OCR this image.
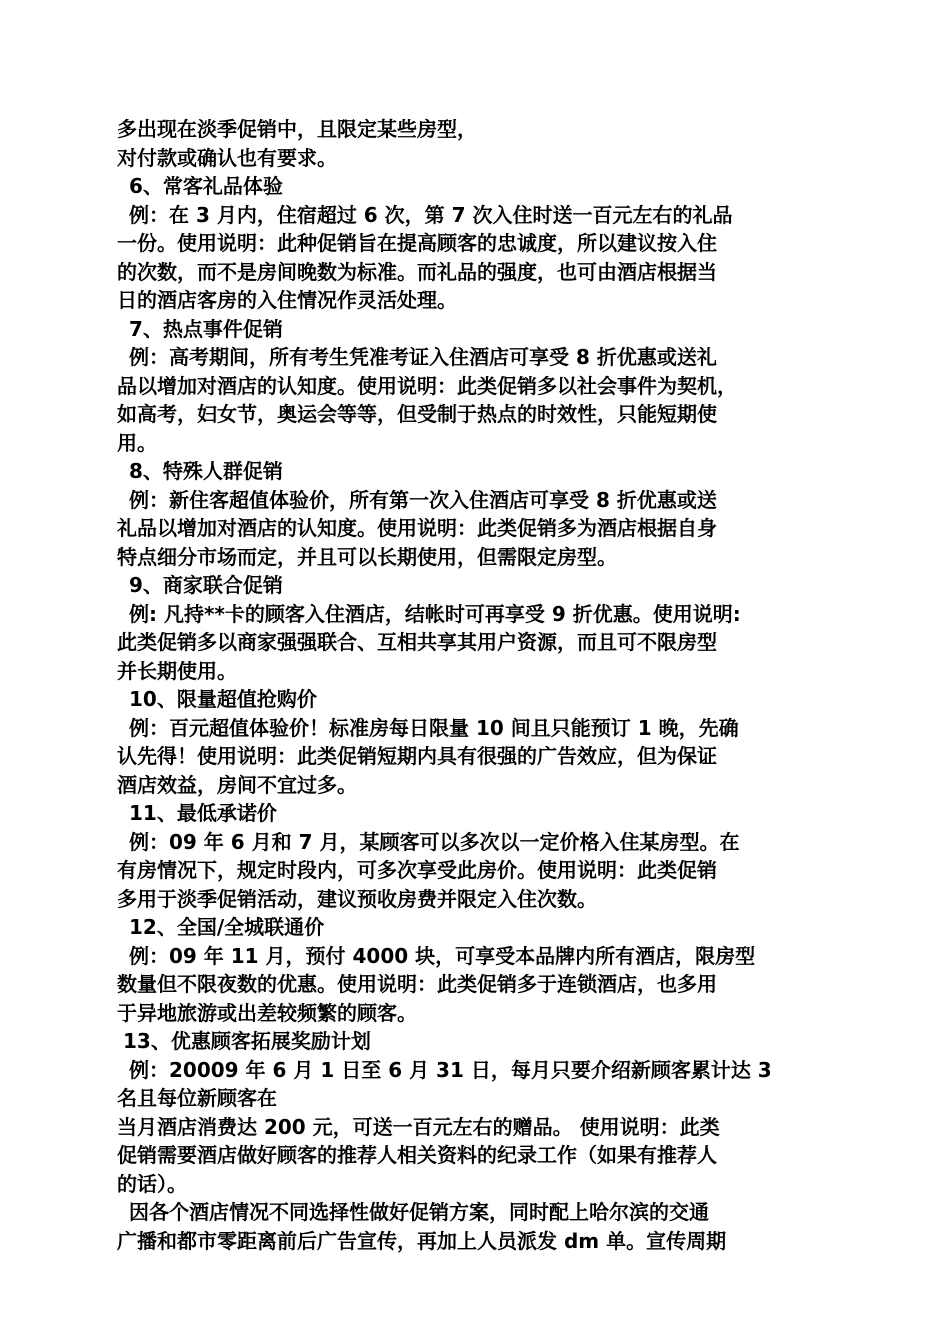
多出现在淡季促销中，且限定某些房型，
对付款或确认也有要求。
6、常客礼品体验
例：在 3 月内，住宿超过 6 次，第 7 次入住时送一百元左右的礼品
一份。使用说明：此种促销旨在提高顾客的忠诚度，所以建议按入住
的次数，而不是房间晚数为标准。而礼品的强度，也可由酒店根据当
日的酒店客房的入住情况作灵活处理。
7、热点事件促销
例：高考期间，所有考生凭准考证入住酒店可享受 8 折优惠或送礼
品以增加对酒店的认知度。使用说明：此类促销多以社会事件为契机，
如高考，妇女节，奥运会等等，但受制于热点的时效性，只能短期使
用。
8、特殊人群促销
例：新住客超值体验价，所有第一次入住酒店可享受 8 折优惠或送
礼品以增加对酒店的认知度。使用说明：此类促销多为酒店根据自身
特点细分市场而定，并且可以长期使用，但需限定房型。
9、商家联合促销
例: 凡持**卡的顾客入住酒店，结帐时可再享受 9 折优惠。使用说明:
此类促销多以商家强强联合、互相共享其用户资源，而且可不限房型
并长期使用。
10、限量超值抢购价
例：百元超值体验价！标准房每日限量 10 间且只能预订 1 晚，先确
认先得！使用说明：此类促销短期内具有很强的广告效应，但为保证
酒店效益，房间不宜过多。
11、最低承诺价
例：09 年 6 月和 7 月，某顾客可以多次以一定价格入住某房型。在
有房情况下，规定时段内，可多次享受此房价。使用说明：此类促销
多用于淡季促销活动，建议预收房费并限定入住次数。
12、全国/全城联通价
例：09 年 11 月，预付 4000 块，可享受本品牌内所有酒店，限房型
数量但不限夜数的优惠。使用说明：此类促销多于连锁酒店，也多用
于异地旅游或出差较频繁的顾客。
13、优惠顾客拓展奖励计划
例：20009 年 6 月 1 日至 6 月 31 日，每月只要介绍新顾客累计达 3
名且每位新顾客在
当月酒店消费达 200 元，可送一百元左右的赠品。 使用说明：此类
促销需要酒店做好顾客的推荐人相关资料的纪录工作（如果有推荐人
的话）。
因各个酒店情况不同选择性做好促销方案，同时配上哈尔滨的交通
广播和都市零距离前后广告宣传，再加上人员派发 dm 单。宣传周期
